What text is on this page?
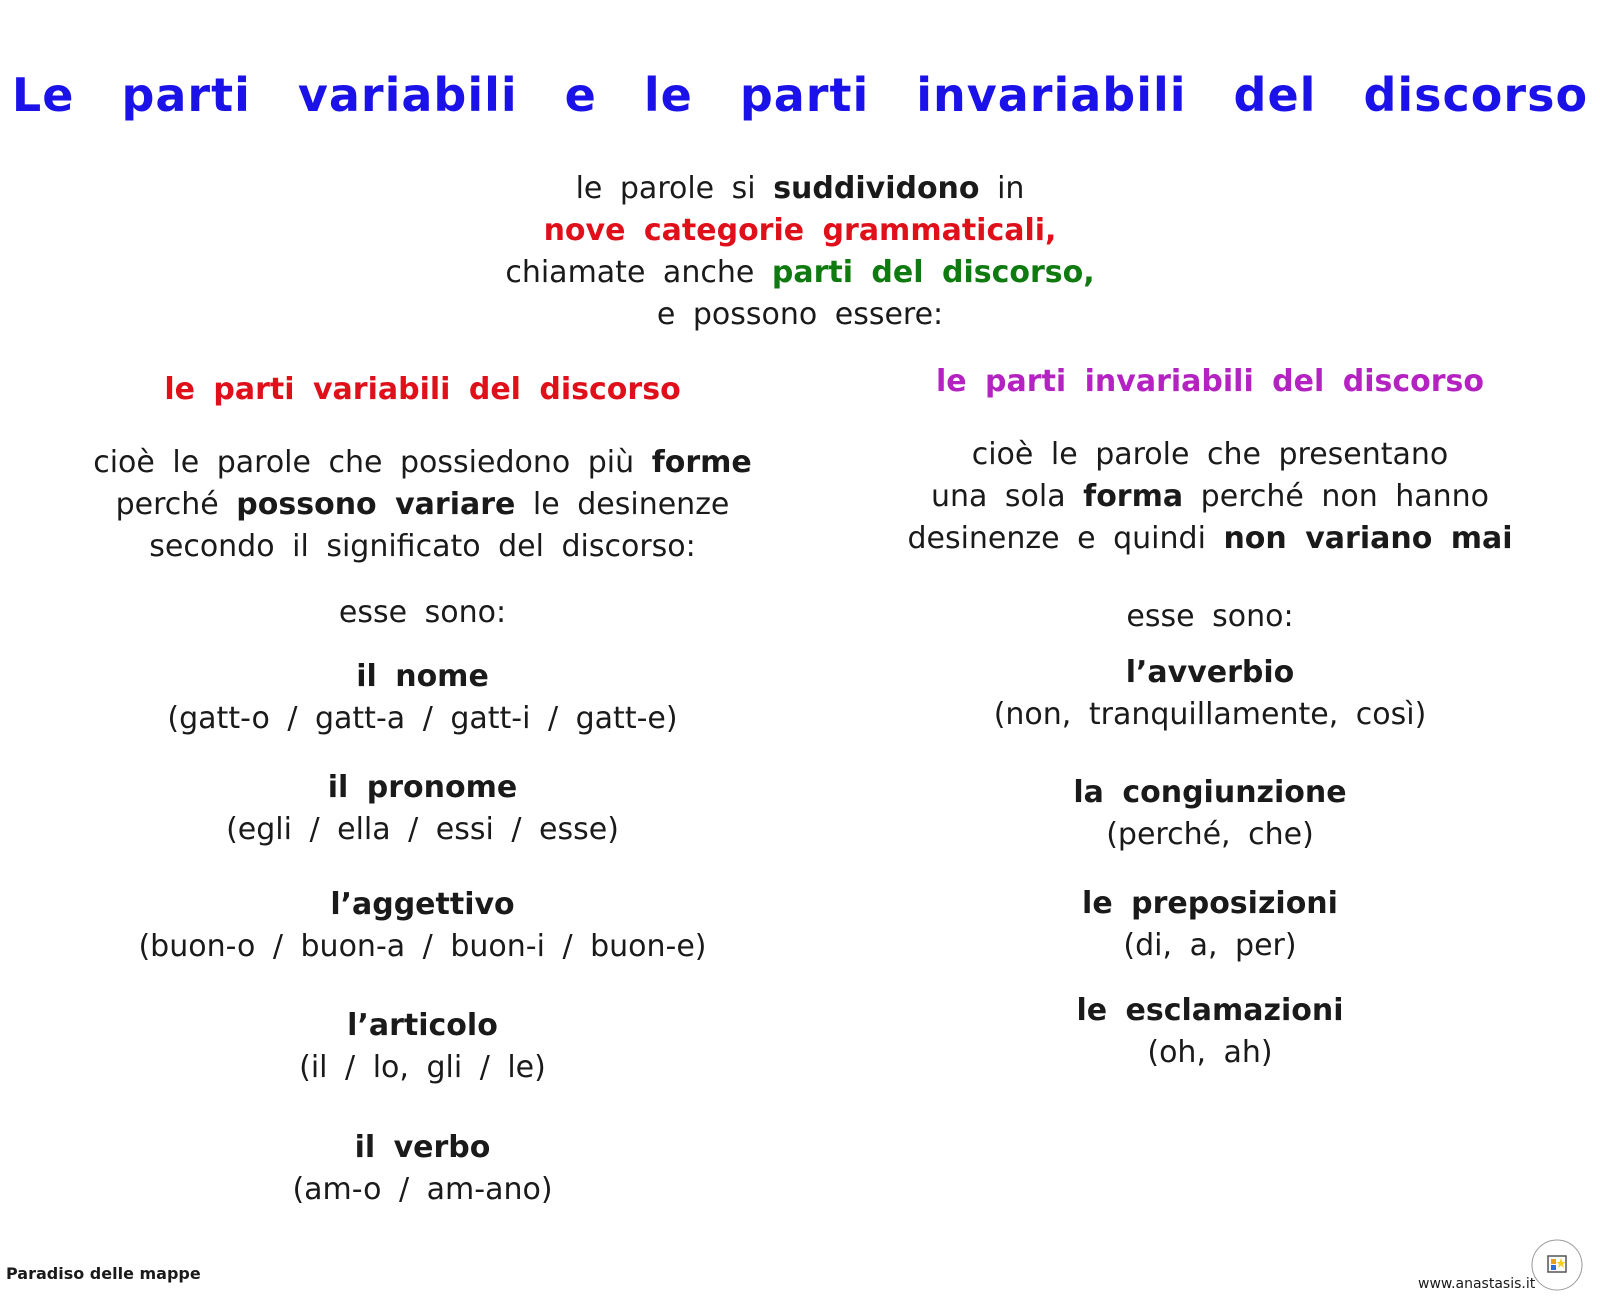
Le parti variabili e le parti invariabili del discorso
le parole si suddividono in
nove categorie grammaticali,
chiamate anche parti del discorso,
e possono essere:
le parti variabili del discorso
cioè le parole che possiedono più forme
perché possono variare le desinenze
secondo il significato del discorso:
esse sono:
il nome
(gatt-o / gatt-a / gatt-i / gatt-e)
il pronome
(egli / ella / essi / esse)
l’aggettivo
(buon-o / buon-a / buon-i / buon-e)
l’articolo
(il / lo, gli / le)
il verbo
(am-o / am-ano)
le parti invariabili del discorso
cioè le parole che presentano
una sola forma perché non hanno
desinenze e quindi non variano mai
esse sono:
l’avverbio
(non, tranquillamente, così)
la congiunzione
(perché, che)
le preposizioni
(di, a, per)
le esclamazioni
(oh, ah)
Paradiso delle mappe
www.anastasis.it
